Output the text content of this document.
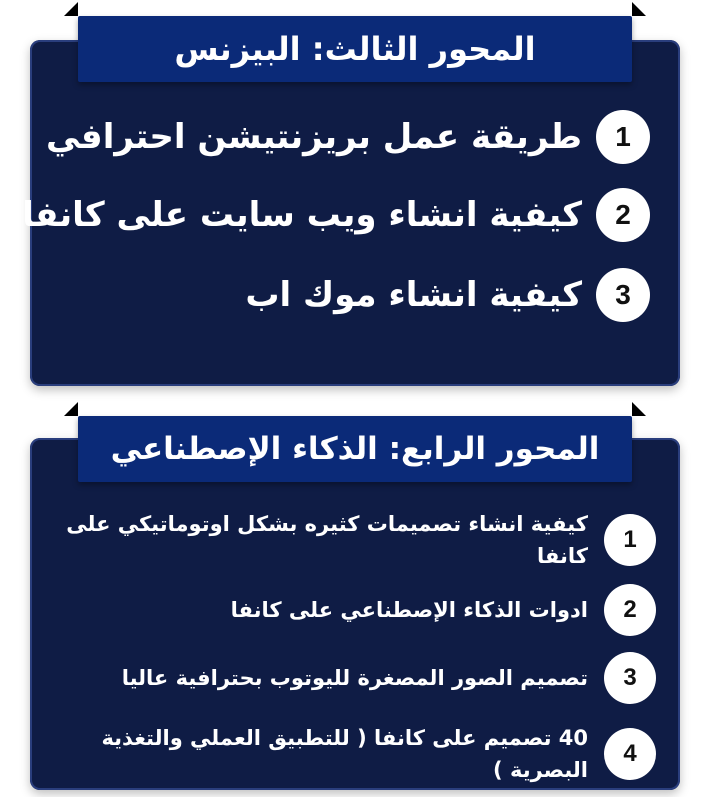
المحور الثالث: البيزنس
1
طريقة عمل بريزنتيشن احترافي
2
كيفية انشاء ويب سايت على كانفا
3
كيفية انشاء موك اب
المحور الرابع: الذكاء الإصطناعي
1
كيفية انشاء تصميمات كثيره بشكل اوتوماتيكي على كانفا
2
ادوات الذكاء الإصطناعي على كانفا
3
تصميم الصور المصغرة لليوتوب بحترافية عاليا
4
40 تصميم على كانفا ( للتطبيق العملي والتغذية البصرية )
